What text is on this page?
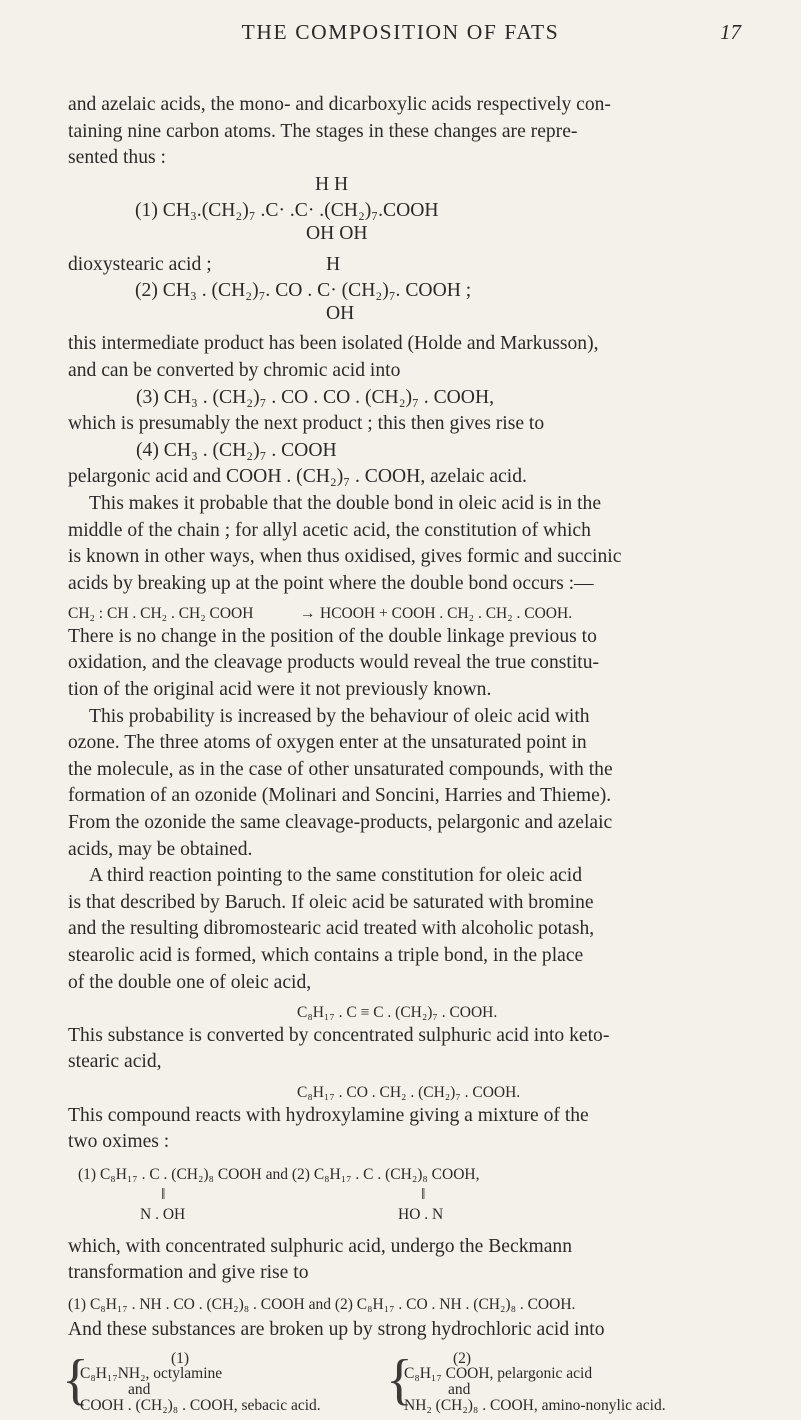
THE COMPOSITION OF FATS	17

and azelaic acids, the mono- and dicarboxylic acids respectively con-
taining nine carbon atoms. The stages in these changes are repre-
sented thus :

H H
(1) CH₃.(CH₂)₇ .C· .C· .(CH₂)₇.COOH
OH OH
dioxystearic acid ;	H
(2) CH₃ . (CH₂)₇. CO . C· (CH₂)₇. COOH ;
OH

this intermediate product has been isolated (Holde and Markusson),
and can be converted by chromic acid into

(3) CH₃ . (CH₂)₇ . CO . CO . (CH₂)₇ . COOH,

which is presumably the next product ; this then gives rise to

(4) CH₃ . (CH₂)₇ . COOH

pelargonic acid and COOH . (CH₂)₇ . COOH, azelaic acid.

This makes it probable that the double bond in oleic acid is in the
middle of the chain ; for allyl acetic acid, the constitution of which
is known in other ways, when thus oxidised, gives formic and succinic
acids by breaking up at the point where the double bond occurs :—

CH₂ : CH . CH₂ . CH₂ COOH	→ HCOOH + COOH . CH₂ . CH₂ . COOH.

There is no change in the position of the double linkage previous to
oxidation, and the cleavage products would reveal the true constitu-
tion of the original acid were it not previously known.

This probability is increased by the behaviour of oleic acid with
ozone. The three atoms of oxygen enter at the unsaturated point in
the molecule, as in the case of other unsaturated compounds, with the
formation of an ozonide (Molinari and Soncini, Harries and Thieme).
From the ozonide the same cleavage-products, pelargonic and azelaic
acids, may be obtained.

A third reaction pointing to the same constitution for oleic acid
is that described by Baruch. If oleic acid be saturated with bromine
and the resulting dibromostearic acid treated with alcoholic potash,
stearolic acid is formed, which contains a triple bond, in the place
of the double one of oleic acid,

C₈H₁₇ . C ≡ C . (CH₂)₇ . COOH.

This substance is converted by concentrated sulphuric acid into keto-
stearic acid,

C₈H₁₇ . CO . CH₂ . (CH₂)₇ . COOH.

This compound reacts with hydroxylamine giving a mixture of the
two oximes :

(1) C₈H₁₇ . C . (CH₂)₈ COOH and (2) C₈H₁₇ . C . (CH₂)₈ COOH,
‖	‖
N . OH	HO . N

which, with concentrated sulphuric acid, undergo the Beckmann
transformation and give rise to

(1) C₈H₁₇ . NH . CO . (CH₂)₈ . COOH and (2) C₈H₁₇ . CO . NH . (CH₂)₈ . COOH.

And these substances are broken up by strong hydrochloric acid into

(1)
{
C₈H₁₇NH₂, octylamine
and
COOH . (CH₂)₈ . COOH, sebacic acid.
(2)
{
C₈H₁₇ COOH, pelargonic acid
and
NH₂ (CH₂)₈ . COOH, amino-nonylic acid.
